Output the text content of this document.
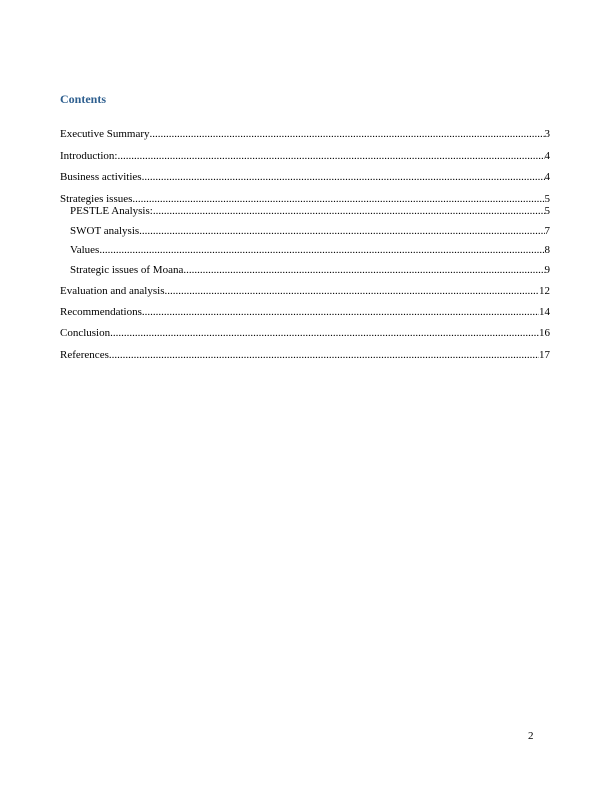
Contents
Executive Summary .....	3
Introduction: .....	4
Business activities .....	4
Strategies issues .....	5
PESTLE Analysis: .....	5
SWOT analysis .....	7
Values .....	8
Strategic issues of Moana .....	9
Evaluation and analysis .....	12
Recommendations .....	14
Conclusion .....	16
References .....	17
2
